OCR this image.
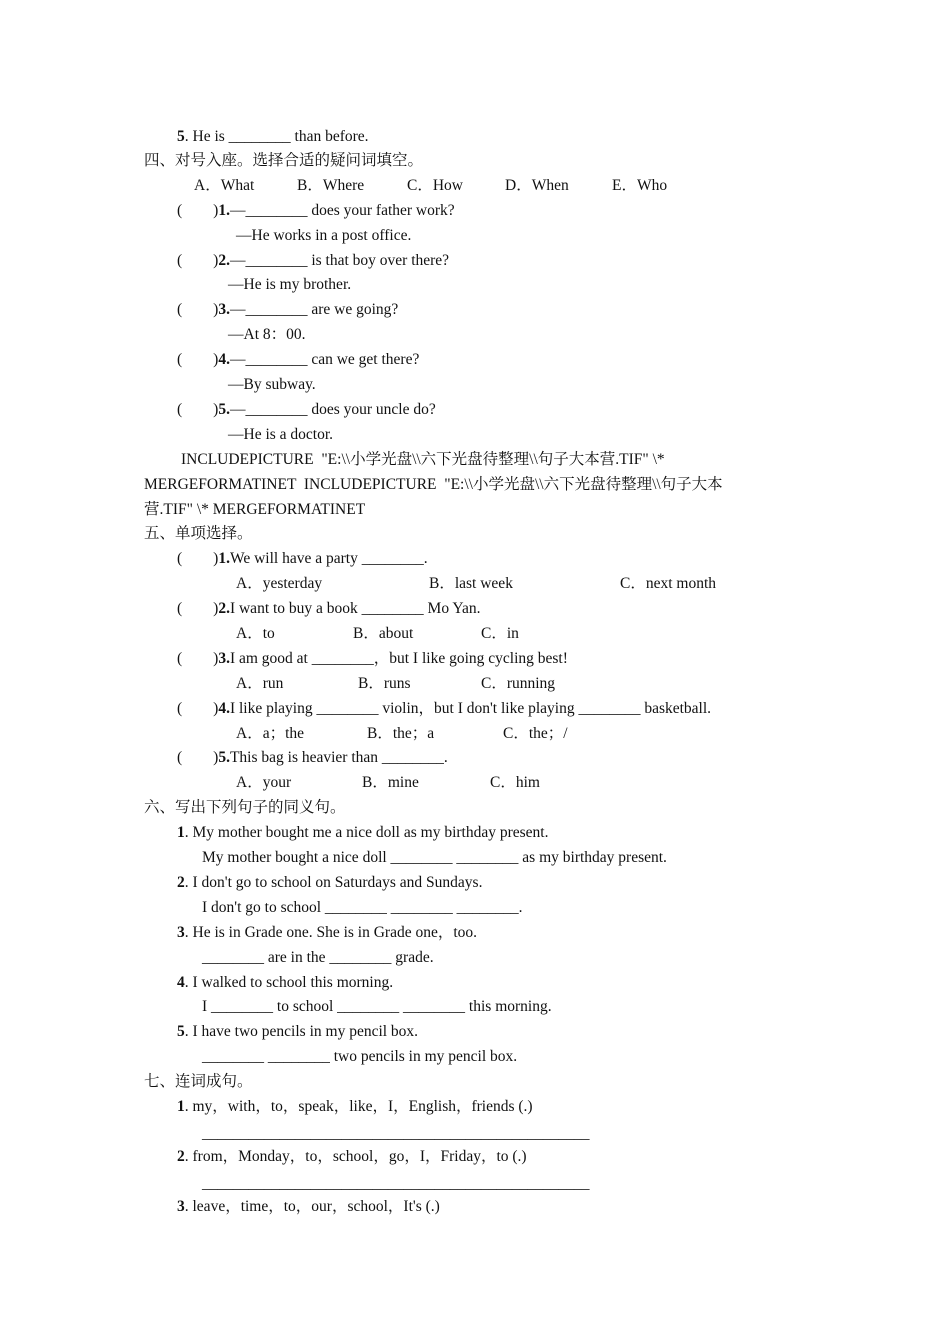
5. He is ________ than before.
四、对号入座。选择合适的疑问词填空。
(        )1.—________ does your father work?
—He works in a post office.
(        )2.—________ is that boy over there?
—He is my brother.
(        )3.—________ are we going?
—At 8：00.
(        )4.—________ can we get there?
—By subway.
(        )5.—________ does your uncle do?
—He is a doctor.
INCLUDEPICTURE  "E:\\小学光盘\\六下光盘待整理\\句子大本营.TIF" \*
MERGEFORMATINET  INCLUDEPICTURE  "E:\\小学光盘\\六下光盘待整理\\句子大本
营.TIF" \* MERGEFORMATINET
五、单项选择。
(        )1.We will have a party ________.
(        )2.I want to buy a book ________ Mo Yan.
(        )3.I am good at ________，but I like going cycling best!
(        )4.I like playing ________ violin，but I don't like playing ________ basketball.
(        )5.This bag is heavier than ________.
六、写出下列句子的同义句。
1. My mother bought me a nice doll as my birthday present.
My mother bought a nice doll ________ ________ as my birthday present.
2. I don't go to school on Saturdays and Sundays.
I don't go to school ________ ________ ________.
3. He is in Grade one. She is in Grade one，too.
________ are in the ________ grade.
4. I walked to school this morning.
I ________ to school ________ ________ this morning.
5. I have two pencils in my pencil box.
________ ________ two pencils in my pencil box.
七、连词成句。
1. my，with，to，speak，like，I，English，friends (.)
__________________________________________________
2. from，Monday，to，school，go，I，Friday，to (.)
__________________________________________________
3. leave，time，to，our，school，It's (.)
A．What	B．Where	C．How	D．When	E．Who
A．yesterday	B．last week	C．next month
A．to	B．about	C．in
A．run	B．runs	C．running
A．a；the	B．the；a	C．the；/
A．your	B．mine	C．him
